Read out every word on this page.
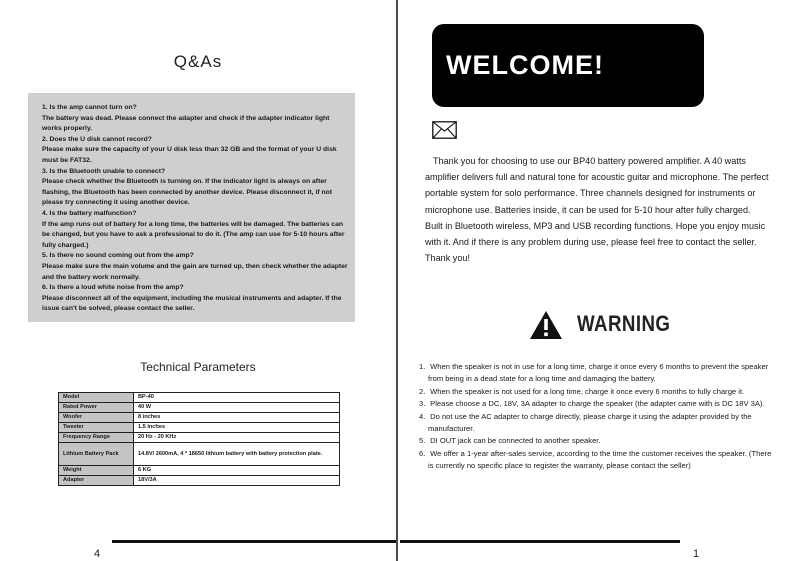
Q&As
1. Is the amp cannot turn on?
The battery was dead. Please connect the adapter and check if the adapter indicator light works properly.
2. Does the U disk cannot record?
Please make sure the capacity of your U disk less than 32 GB and the format of your U disk must be FAT32.
3. Is the Bluetooth unable to connect?
Please check whether the Bluetooth is turning on. If the indicator light is always on after flashing, the Bluetooth has been connected by another device. Please disconnect it, if not please try connecting it using another device.
4. Is the battery malfunction?
If the amp runs out of battery for a long time, the batteries will be damaged. The batteries can be changed, but you have to ask a professional to do it. (The amp can use for 5-10 hours after fully charged.)
5. Is there no sound coming out from the amp?
Please make sure the main volume and the gain are turned up, then check whether the adapter and the battery work normally.
6. Is there a loud white noise from the amp?
Please disconnect all of the equipment, including the musical instruments and adapter. If the issue can't be solved, please contact the seller.
Technical Parameters
Model	BP-40
Rated Power	40 W
Woofer	8 inches
Tweeter	1.5 inches
Frequency Range	20 Hz - 20 KHz
Lithium Battery Pack	14.8V/ 2600mA, 4 * 18650 lithium battery with battery protection plate.
Weight	6 KG
Adapter	18V/3A
4
WELCOME!
Thank you for choosing to use our BP40 battery powered amplifier. A 40 watts amplifier delivers full and natural tone for acoustic guitar and microphone. The perfect portable system for solo performance. Three channels designed for instruments or microphone use. Batteries inside, it can be used for 5-10 hour after fully charged. Built in Bluetooth wireless, MP3 and USB recording functions. Hope you enjoy music with it. And if there is any problem during use, please feel free to contact the seller. Thank you!
WARNING
1. When the speaker is not in use for a long time, charge it once every 6 months to prevent the speaker from being in a dead state for a long time and damaging the battery.
2. When the speaker is not used for a long time, charge it once every 6 months to fully charge it.
3. Please choose a DC, 18V, 3A adapter to charge the speaker (the adapter came with is DC 18V 3A).
4. Do not use the AC adapter to charge directly, please charge it using the adapter provided by the manufacturer.
5. DI OUT jack can be connected to another speaker.
6. We offer a 1-year after-sales service, according to the time the customer receives the speaker. (There is currently no specific place to register the warranty, please contact the seller)
1
